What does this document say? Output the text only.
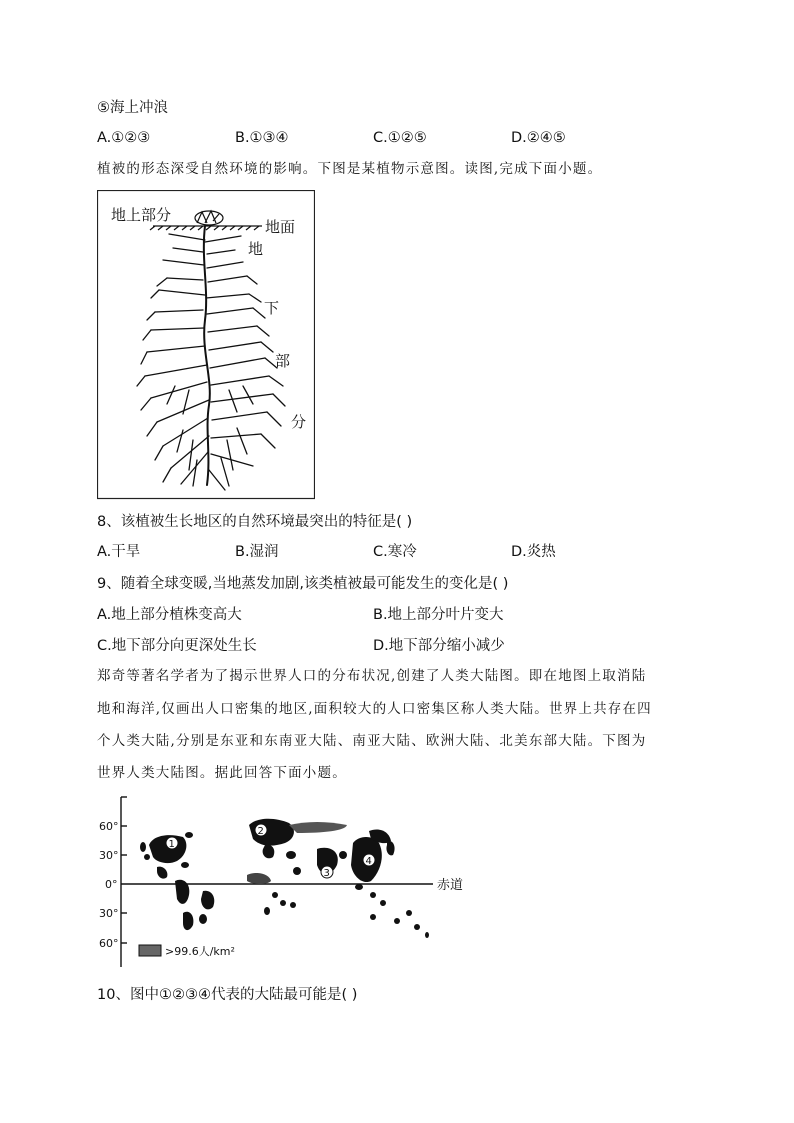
⑤海上冲浪
A.①②③	B.①③④	C.①②⑤	D.②④⑤
植被的形态深受自然环境的影响。下图是某植物示意图。读图,完成下面小题。
地上部分
地面
地
下
部
分
8、该植被生长地区的自然环境最突出的特征是( )
A.干旱	B.湿润	C.寒冷	D.炎热
9、随着全球变暖,当地蒸发加剧,该类植被最可能发生的变化是( )
A.地上部分植株变高大	B.地上部分叶片变大
C.地下部分向更深处生长	D.地下部分缩小减少
郑奇等著名学者为了揭示世界人口的分布状况,创建了人类大陆图。即在地图上取消陆
地和海洋,仅画出人口密集的地区,面积较大的人口密集区称人类大陆。世界上共存在四
个人类大陆,分别是东亚和东南亚大陆、南亚大陆、欧洲大陆、北美东部大陆。下图为
世界人类大陆图。据此回答下面小题。
60°
30°
0°
30°
60°
赤道
1
2
3
4
>99.6人/km²
10、图中①②③④代表的大陆最可能是( )
